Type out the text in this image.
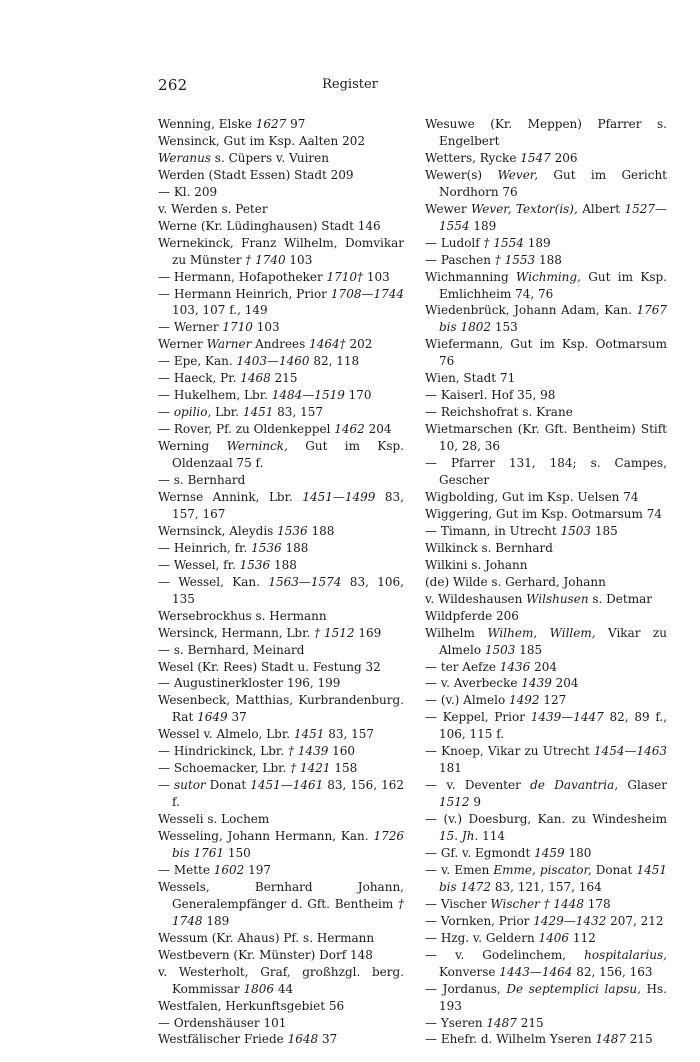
262	Register
Wenning, Elske 1627 97
Wensinck, Gut im Ksp. Aalten 202
Weranus s. Cüpers v. Vuiren
Werden (Stadt Essen) Stadt 209
— Kl. 209
v. Werden s. Peter
Werne (Kr. Lüdinghausen) Stadt 146
Wernekinck, Franz Wilhelm, Domvikar zu Münster † 1740 103
— Hermann, Hofapotheker 1710† 103
— Hermann Heinrich, Prior 1708—1744 103, 107 f., 149
— Werner 1710 103
Werner Warner Andrees 1464† 202
— Epe, Kan. 1403—1460 82, 118
— Haeck, Pr. 1468 215
— Hukelhem, Lbr. 1484—1519 170
— opilio, Lbr. 1451 83, 157
— Rover, Pf. zu Oldenkeppel 1462 204
Werning Werninck, Gut im Ksp. Oldenzaal 75 f.
— s. Bernhard
Wernse Annink, Lbr. 1451—1499 83, 157, 167
Wernsinck, Aleydis 1536 188
— Heinrich, fr. 1536 188
— Wessel, fr. 1536 188
— Wessel, Kan. 1563—1574 83, 106, 135
Wersebrockhus s. Hermann
Wersinck, Hermann, Lbr. † 1512 169
— s. Bernhard, Meinard
Wesel (Kr. Rees) Stadt u. Festung 32
— Augustinerkloster 196, 199
Wesenbeck, Matthias, Kurbrandenburg. Rat 1649 37
Wessel v. Almelo, Lbr. 1451 83, 157
— Hindrickinck, Lbr. † 1439 160
— Schoemacker, Lbr. † 1421 158
— sutor Donat 1451—1461 83, 156, 162 f.
Wesseli s. Lochem
Wesseling, Johann Hermann, Kan. 1726 bis 1761 150
— Mette 1602 197
Wessels, Bernhard Johann, Generalempfänger d. Gft. Bentheim † 1748 189
Wessum (Kr. Ahaus) Pf. s. Hermann
Westbevern (Kr. Münster) Dorf 148
v. Westerholt, Graf, großhzgl. berg. Kommissar 1806 44
Westfalen, Herkunftsgebiet 56
— Ordenshäuser 101
Westfälischer Friede 1648 37
Wesuwe (Kr. Meppen) Pfarrer s. Engelbert
Wetters, Rycke 1547 206
Wewer(s) Wever, Gut im Gericht Nordhorn 76
Wewer Wever, Textor(is), Albert 1527— 1554 189
— Ludolf † 1554 189
— Paschen † 1553 188
Wichmanning Wichming, Gut im Ksp. Emlichheim 74, 76
Wiedenbrück, Johann Adam, Kan. 1767 bis 1802 153
Wiefermann, Gut im Ksp. Ootmarsum 76
Wien, Stadt 71
— Kaiserl. Hof 35, 98
— Reichshofrat s. Krane
Wietmarschen (Kr. Gft. Bentheim) Stift 10, 28, 36
— Pfarrer 131, 184; s. Campes, Gescher
Wigbolding, Gut im Ksp. Uelsen 74
Wiggering, Gut im Ksp. Ootmarsum 74
— Timann, in Utrecht 1503 185
Wilkinck s. Bernhard
Wilkini s. Johann
(de) Wilde s. Gerhard, Johann
v. Wildeshausen Wilshusen s. Detmar
Wildpferde 206
Wilhelm Wilhem, Willem, Vikar zu Almelo 1503 185
— ter Aefze 1436 204
— v. Averbecke 1439 204
— (v.) Almelo 1492 127
— Keppel, Prior 1439—1447 82, 89 f., 106, 115 f.
— Knoep, Vikar zu Utrecht 1454—1463 181
— v. Deventer de Davantria, Glaser 1512 9
— (v.) Doesburg, Kan. zu Windesheim 15. Jh. 114
— Gf. v. Egmondt 1459 180
— v. Emen Emme, piscator, Donat 1451 bis 1472 83, 121, 157, 164
— Vischer Wischer † 1448 178
— Vornken, Prior 1429—1432 207, 212
— Hzg. v. Geldern 1406 112
— v. Godelinchem, hospitalarius, Konverse 1443—1464 82, 156, 163
— Jordanus, De septemplici lapsu, Hs. 193
— Yseren 1487 215
— Ehefr. d. Wilhelm Yseren 1487 215
